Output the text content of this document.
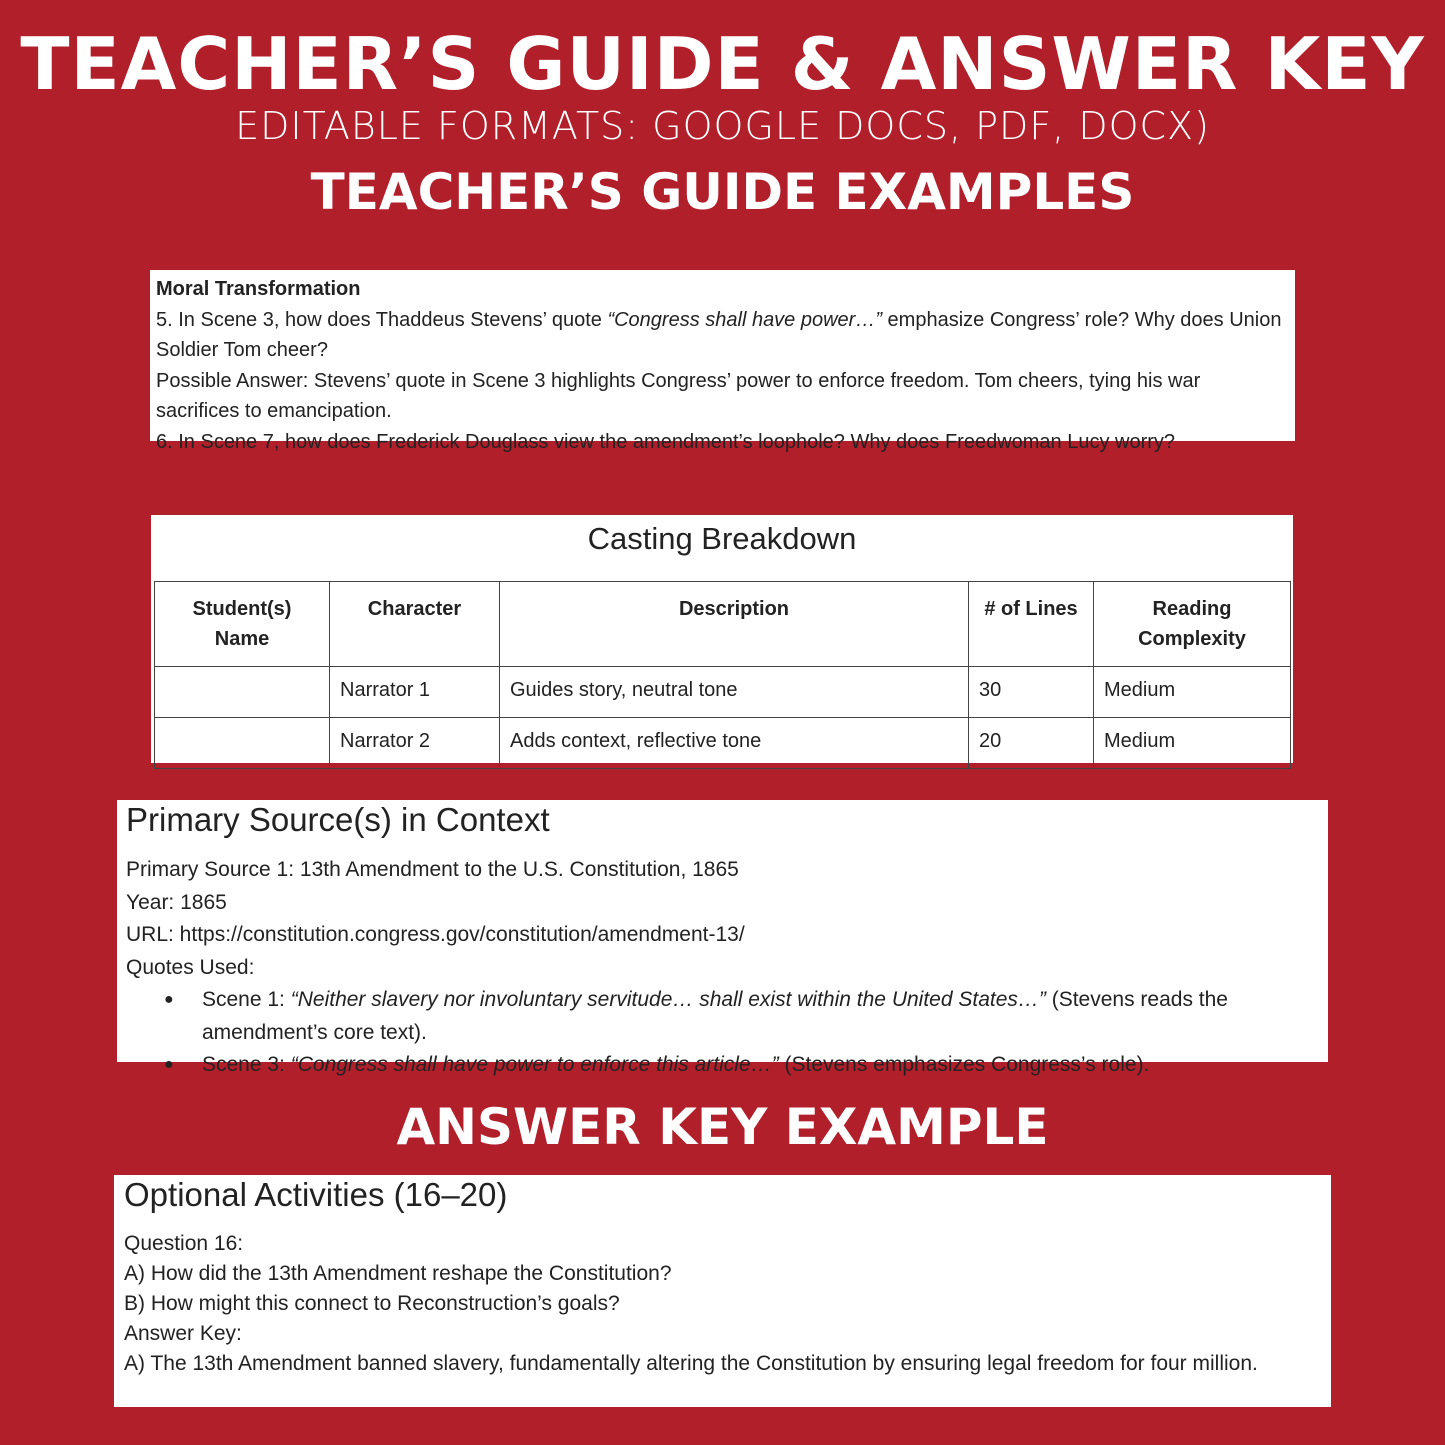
TEACHER’S GUIDE & ANSWER KEY
EDITABLE FORMATS: GOOGLE DOCS, PDF, DOCX)
TEACHER’S GUIDE EXAMPLES
Moral Transformation
5. In Scene 3, how does Thaddeus Stevens’ quote “Congress shall have power…” emphasize Congress’ role? Why does Union Soldier Tom cheer?
Possible Answer: Stevens’ quote in Scene 3 highlights Congress’ power to enforce freedom. Tom cheers, tying his war sacrifices to emancipation.
6. In Scene 7, how does Frederick Douglass view the amendment’s loophole? Why does Freedwoman Lucy worry?
Casting Breakdown
Student(s) Name	Character	Description	# of Lines	Reading Complexity
	Narrator 1	Guides story, neutral tone	30	Medium
	Narrator 2	Adds context, reflective tone	20	Medium
Primary Source(s) in Context
Primary Source 1: 13th Amendment to the U.S. Constitution, 1865
Year: 1865
URL: https://constitution.congress.gov/constitution/amendment-13/
Quotes Used:
● Scene 1: “Neither slavery nor involuntary servitude… shall exist within the United States…” (Stevens reads the amendment’s core text).
● Scene 3: “Congress shall have power to enforce this article…” (Stevens emphasizes Congress’s role).
ANSWER KEY EXAMPLE
Optional Activities (16–20)
Question 16:
A) How did the 13th Amendment reshape the Constitution?
B) How might this connect to Reconstruction’s goals?
Answer Key:
A) The 13th Amendment banned slavery, fundamentally altering the Constitution by ensuring legal freedom for four million.
